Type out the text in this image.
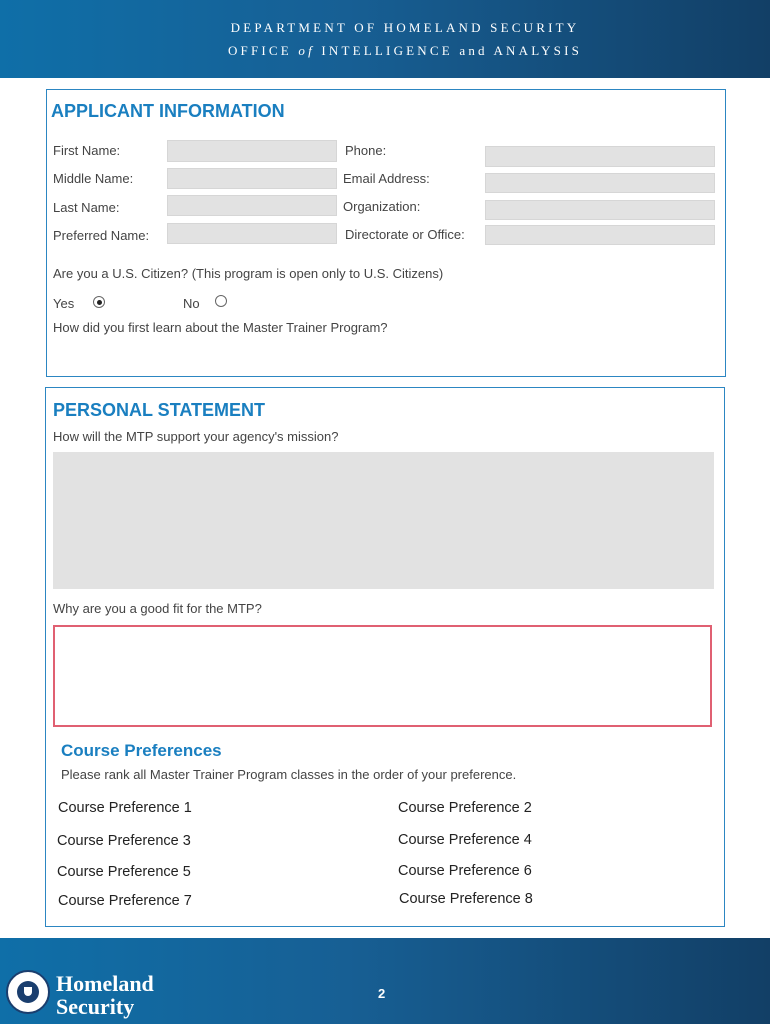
DEPARTMENT OF HOMELAND SECURITY
OFFICE of INTELLIGENCE and ANALYSIS
APPLICANT INFORMATION
First Name:
Middle Name:
Last Name:
Preferred Name:
Phone:
Email Address:
Organization:
Directorate or Office:
Are you a U.S. Citizen? (This program is open only to U.S. Citizens)
Yes	No
How did you first learn about the Master Trainer Program?
PERSONAL STATEMENT
How will the MTP support your agency's mission?
Why are you a good fit for the MTP?
Course Preferences
Please rank all Master Trainer Program classes in the order of your preference.
Course Preference 1	Course Preference 2
Course Preference 3	Course Preference 4
Course Preference 5	Course Preference 6
Course Preference 7	Course Preference 8
Homeland
Security
2
